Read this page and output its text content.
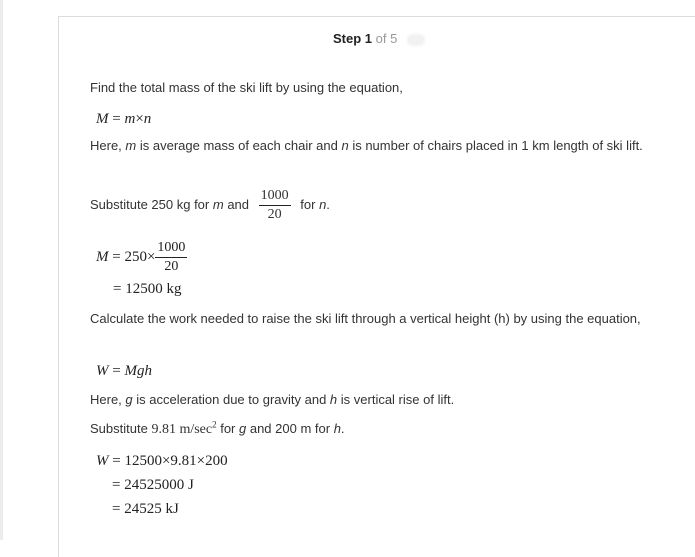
Step 1 of 5
Find the total mass of the ski lift by using the equation,
M = m×n
Here, m is average mass of each chair and n is number of chairs placed in 1 km length of ski lift.
Substitute 250 kg for m and $\frac{1000}{20}$ for n.
$M = 250\times \frac{1000}{20}$
= 12500 kg
Calculate the work needed to raise the ski lift through a vertical height (h) by using the equation,
W = Mgh
Here, g is acceleration due to gravity and h is vertical rise of lift.
Substitute 9.81 $m/\sec^2$ for g and 200 m for h.
W = 12500×9.81×200
= 24525000 J
= 24525 kJ
